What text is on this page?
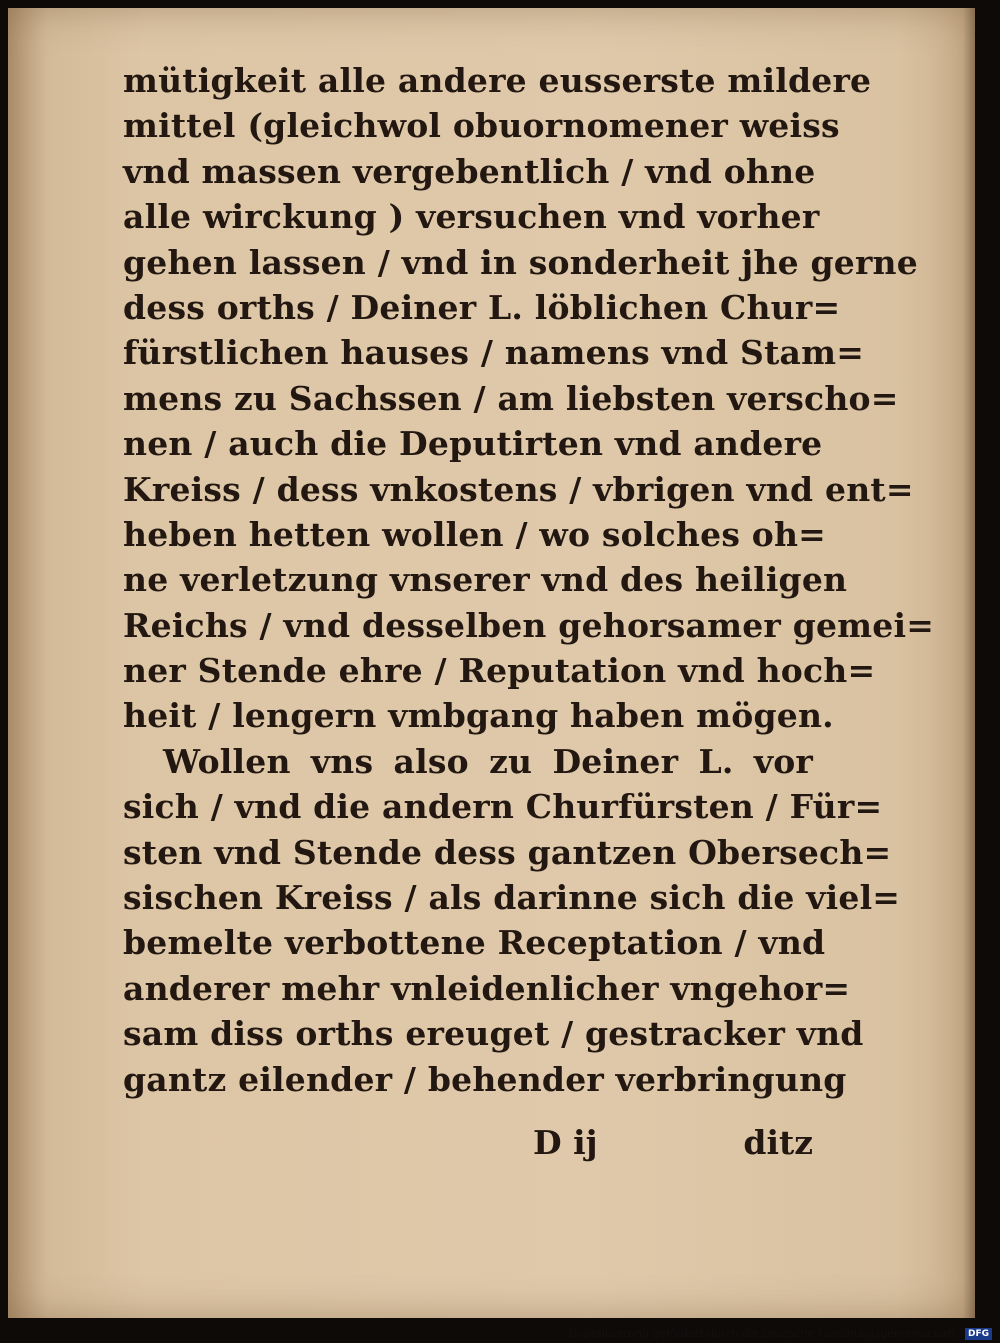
mütigkeit alle andere eusserste mildere
mittel (gleichwol obuornomener weiss
vnd massen vergebentlich / vnd ohne
alle wirckung ) versuchen vnd vorher
gehen lassen / vnd in sonderheit jhe gerne
dess orths / Deiner L. löblichen Chur=
fürstlichen hauses / namens vnd Stam=
mens zu Sachssen / am liebsten verscho=
nen / auch die Deputirten vnd andere
Kreiss / dess vnkostens / vbrigen vnd ent=
heben hetten wollen / wo solches oh=
ne verletzung vnserer vnd des heiligen
Reichs / vnd desselben gehorsamer gemei=
ner Stende ehre / Reputation vnd hoch=
heit / lengern vmbgang haben mögen.
Wollen vns also zu Deiner L. vor
sich / vnd die andern Churfürsten / Für=
sten vnd Stende dess gantzen Obersech=
sischen Kreiss / als darinne sich die viel=
bemelte verbottene Receptation / vnd
anderer mehr vnleidenlicher vngehor=
sam diss orths ereuget / gestracker vnd
gantz eilender / behender verbringung
D ij	ditz
Digitalisierung gefördert durch die Deutsche Forschungsgemeinschaft · DFG
